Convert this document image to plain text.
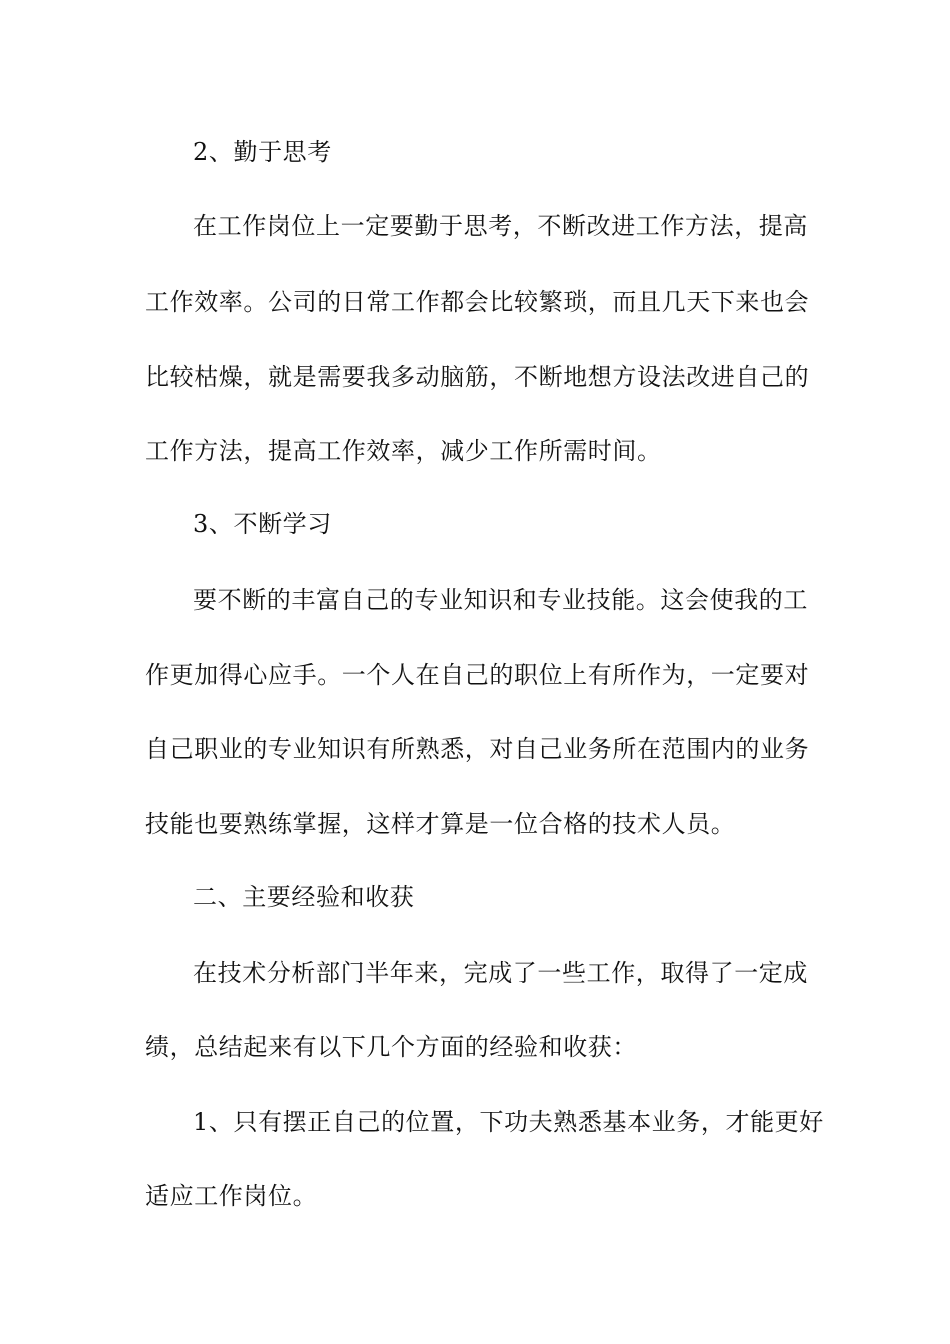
2、勤于思考
在工作岗位上一定要勤于思考，不断改进工作方法，提高
工作效率。公司的日常工作都会比较繁琐，而且几天下来也会
比较枯燥，就是需要我多动脑筋，不断地想方设法改进自己的
工作方法，提高工作效率，减少工作所需时间。
3、不断学习
要不断的丰富自己的专业知识和专业技能。这会使我的工
作更加得心应手。一个人在自己的职位上有所作为，一定要对
自己职业的专业知识有所熟悉，对自己业务所在范围内的业务
技能也要熟练掌握，这样才算是一位合格的技术人员。
二、主要经验和收获
在技术分析部门半年来，完成了一些工作，取得了一定成
绩，总结起来有以下几个方面的经验和收获：
1、只有摆正自己的位置，下功夫熟悉基本业务，才能更好
适应工作岗位。
